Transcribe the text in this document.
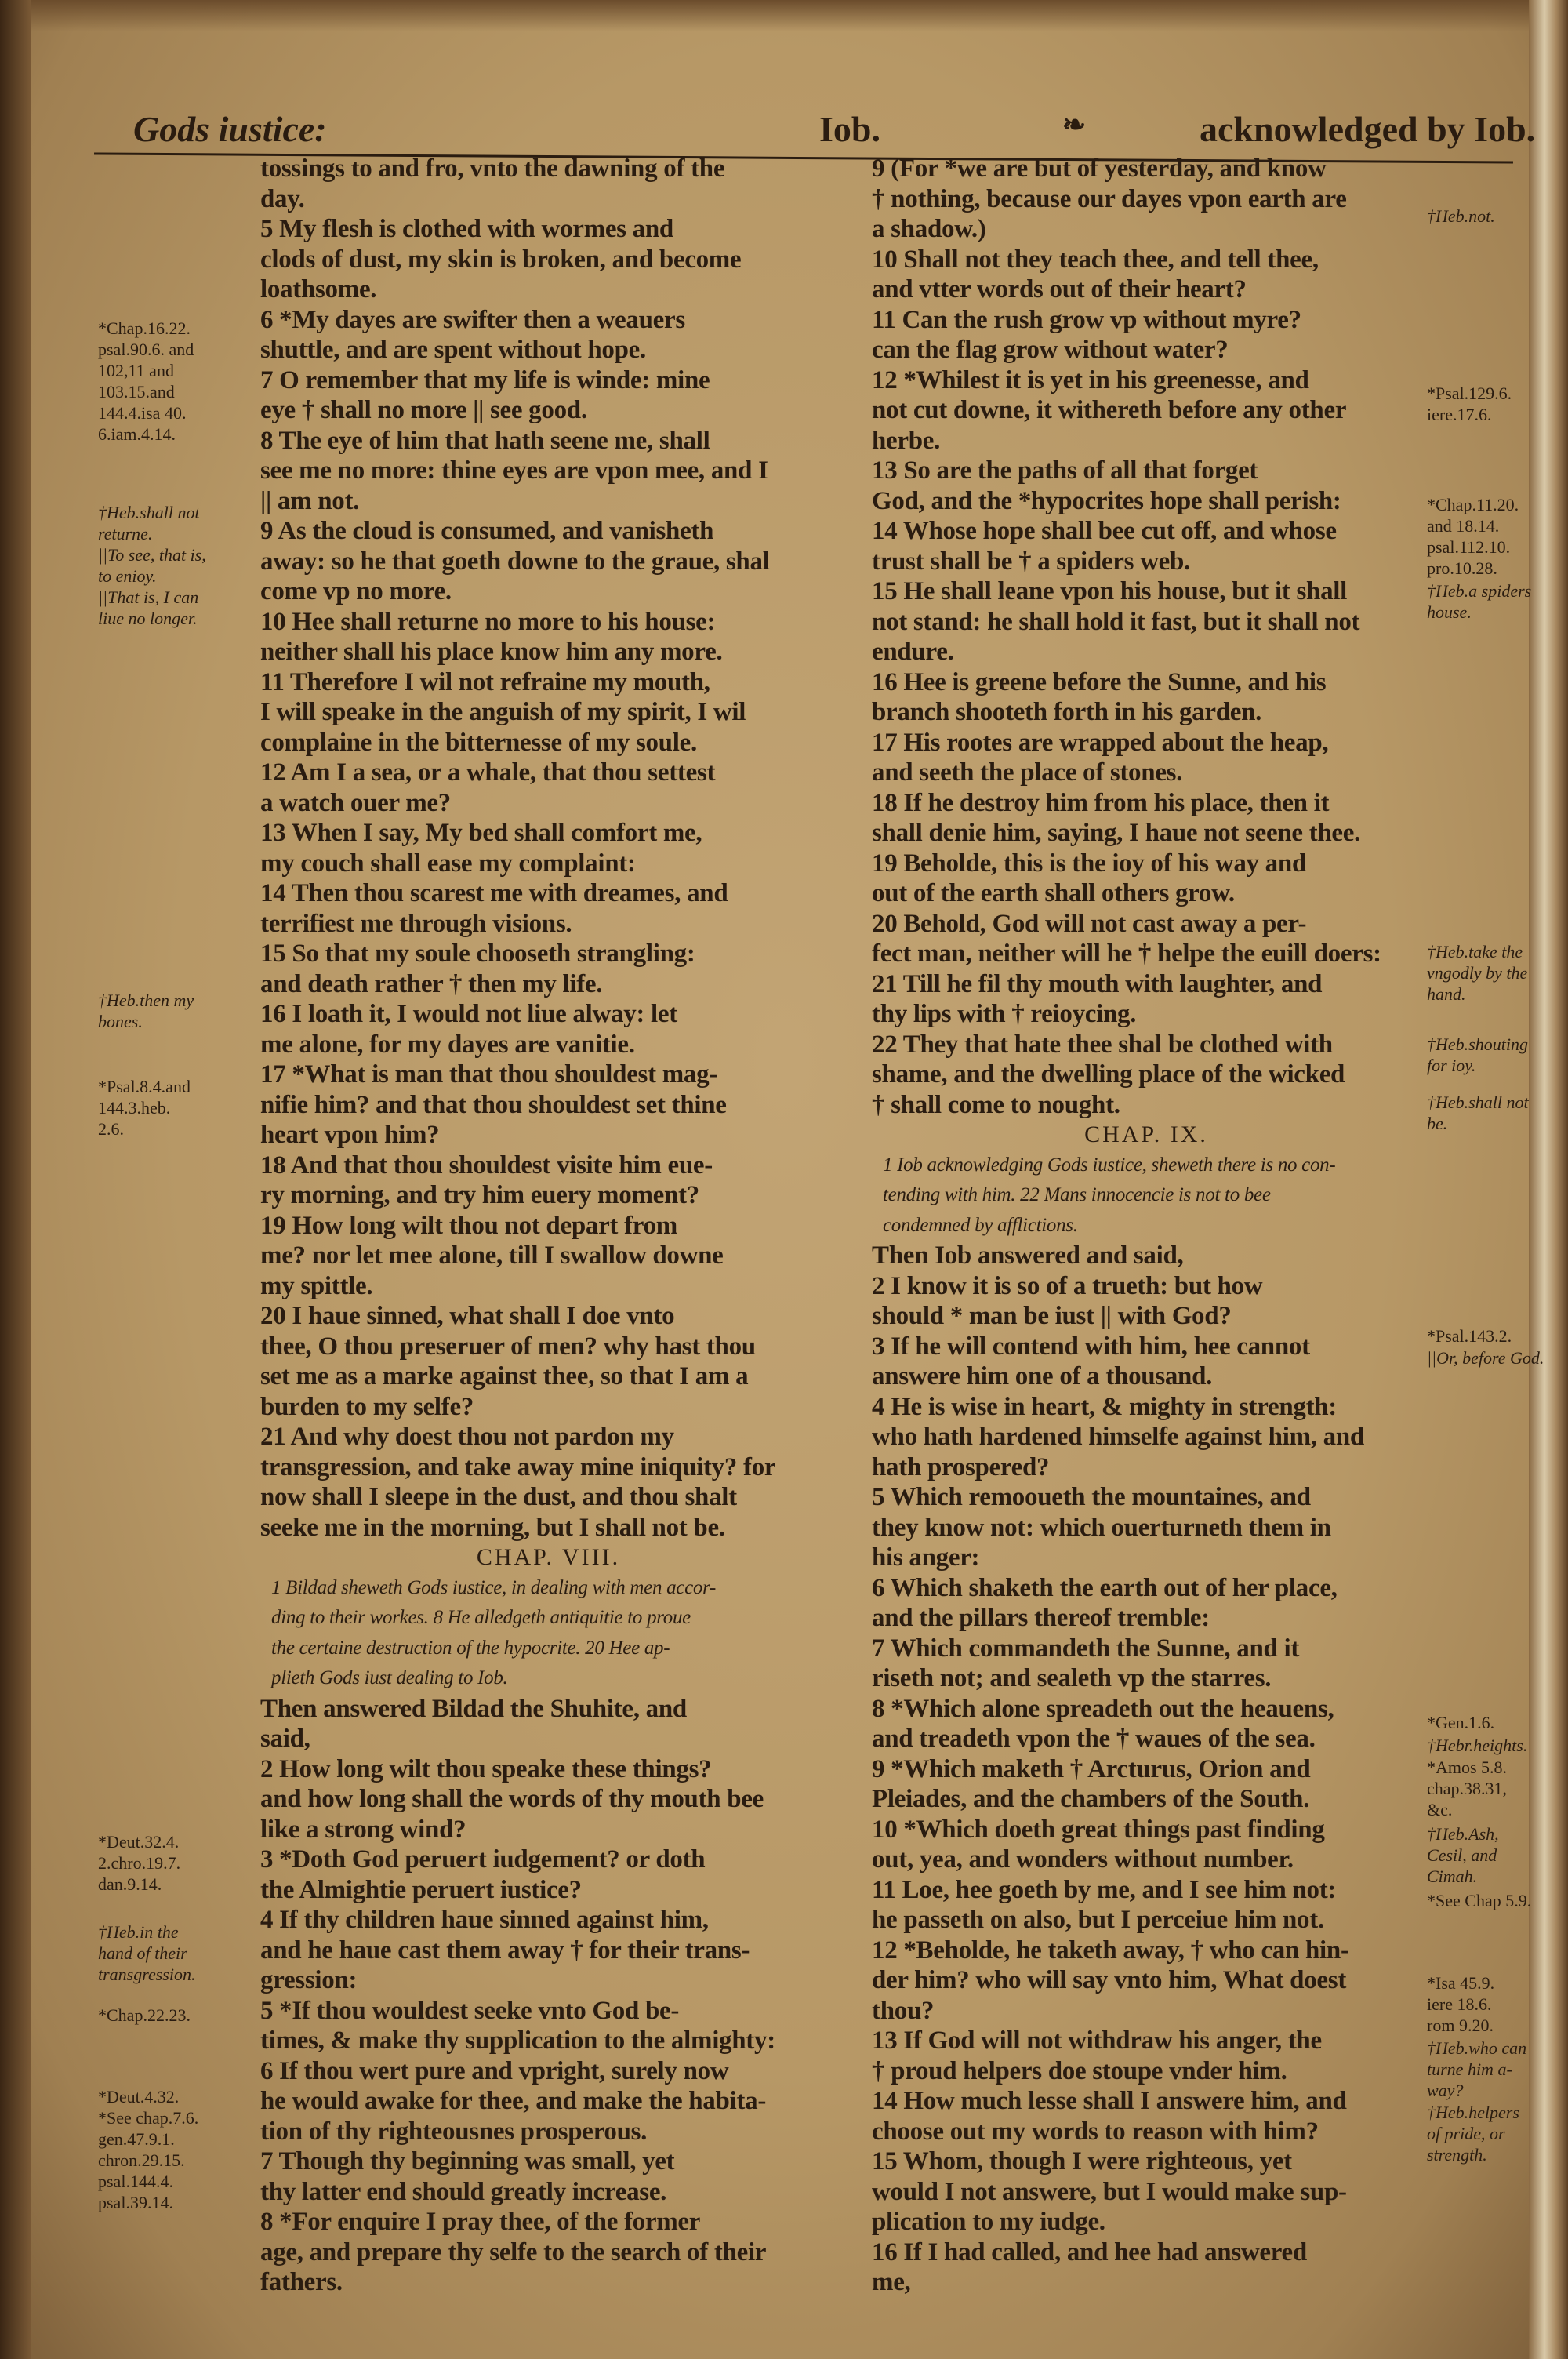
Gods iustice:	Iob.	❧	acknowledged by Iob.
tossings to and fro, vnto the dawning of the
day.
5 My flesh is clothed with wormes and
clods of dust, my skin is broken, and become
loathsome.
6 *My dayes are swifter then a weauers
shuttle, and are spent without hope.
7 O remember that my life is winde: mine
eye † shall no more || see good.
8 The eye of him that hath seene me, shall
see me no more: thine eyes are vpon mee, and I
|| am not.
9 As the cloud is consumed, and vanisheth
away: so he that goeth downe to the graue, shal
come vp no more.
10 Hee shall returne no more to his house:
neither shall his place know him any more.
11 Therefore I wil not refraine my mouth,
I will speake in the anguish of my spirit, I wil
complaine in the bitternesse of my soule.
12 Am I a sea, or a whale, that thou settest
a watch ouer me?
13 When I say, My bed shall comfort me,
my couch shall ease my complaint:
14 Then thou scarest me with dreames, and
terrifiest me through visions.
15 So that my soule chooseth strangling:
and death rather † then my life.
16 I loath it, I would not liue alway: let
me alone, for my dayes are vanitie.
17 *What is man that thou shouldest mag-
nifie him? and that thou shouldest set thine
heart vpon him?
18 And that thou shouldest visite him eue-
ry morning, and try him euery moment?
19 How long wilt thou not depart from
me? nor let mee alone, till I swallow downe
my spittle.
20 I haue sinned, what shall I doe vnto
thee, O thou preseruer of men? why hast thou
set me as a marke against thee, so that I am a
burden to my selfe?
21 And why doest thou not pardon my
transgression, and take away mine iniquity? for
now shall I sleepe in the dust, and thou shalt
seeke me in the morning, but I shall not be.
CHAP. VIII.
1 Bildad sheweth Gods iustice, in dealing with men accor-
ding to their workes. 8 He alledgeth antiquitie to proue
the certaine destruction of the hypocrite. 20 Hee ap-
plieth Gods iust dealing to Iob.
Then answered Bildad the Shuhite, and
said,
2 How long wilt thou speake these things?
and how long shall the words of thy mouth bee
like a strong wind?
3 *Doth God peruert iudgement? or doth
the Almightie peruert iustice?
4 If thy children haue sinned against him,
and he haue cast them away † for their trans-
gression:
5 *If thou wouldest seeke vnto God be-
times, & make thy supplication to the almighty:
6 If thou wert pure and vpright, surely now
he would awake for thee, and make the habita-
tion of thy righteousnes prosperous.
7 Though thy beginning was small, yet
thy latter end should greatly increase.
8 *For enquire I pray thee, of the former
age, and prepare thy selfe to the search of their
fathers.
9 (For *we are but of yesterday, and know
† nothing, because our dayes vpon earth are
a shadow.)
10 Shall not they teach thee, and tell thee,
and vtter words out of their heart?
11 Can the rush grow vp without myre?
can the flag grow without water?
12 *Whilest it is yet in his greenesse, and
not cut downe, it withereth before any other
herbe.
13 So are the paths of all that forget
God, and the *hypocrites hope shall perish:
14 Whose hope shall bee cut off, and whose
trust shall be † a spiders web.
15 He shall leane vpon his house, but it shall
not stand: he shall hold it fast, but it shall not
endure.
16 Hee is greene before the Sunne, and his
branch shooteth forth in his garden.
17 His rootes are wrapped about the heap,
and seeth the place of stones.
18 If he destroy him from his place, then it
shall denie him, saying, I haue not seene thee.
19 Beholde, this is the ioy of his way and
out of the earth shall others grow.
20 Behold, God will not cast away a per-
fect man, neither will he † helpe the euill doers:
21 Till he fil thy mouth with laughter, and
thy lips with † reioycing.
22 They that hate thee shal be clothed with
shame, and the dwelling place of the wicked
† shall come to nought.
CHAP. IX.
1 Iob acknowledging Gods iustice, sheweth there is no con-
tending with him. 22 Mans innocencie is not to bee
condemned by afflictions.
Then Iob answered and said,
2 I know it is so of a trueth: but how
should * man be iust || with God?
3 If he will contend with him, hee cannot
answere him one of a thousand.
4 He is wise in heart, & mighty in strength:
who hath hardened himselfe against him, and
hath prospered?
5 Which remooueth the mountaines, and
they know not: which ouerturneth them in
his anger:
6 Which shaketh the earth out of her place,
and the pillars thereof tremble:
7 Which commandeth the Sunne, and it
riseth not; and sealeth vp the starres.
8 *Which alone spreadeth out the heauens,
and treadeth vpon the † waues of the sea.
9 *Which maketh † Arcturus, Orion and
Pleiades, and the chambers of the South.
10 *Which doeth great things past finding
out, yea, and wonders without number.
11 Loe, hee goeth by me, and I see him not:
he passeth on also, but I perceiue him not.
12 *Beholde, he taketh away, † who can hin-
der him? who will say vnto him, What doest
thou?
13 If God will not withdraw his anger, the
† proud helpers doe stoupe vnder him.
14 How much lesse shall I answere him, and
choose out my words to reason with him?
15 Whom, though I were righteous, yet
would I not answere, but I would make sup-
plication to my iudge.
16 If I had called, and hee had answered
me,
*Chap.16.22.
psal.90.6. and
102,11 and
103.15.and
144.4.isa 40.
6.iam.4.14.
†Heb.shall not
returne.
||To see, that is,
to enioy.
||That is, I can
liue no longer.
†Heb.then my
bones.
*Psal.8.4.and
144.3.heb.
2.6.
*Deut.32.4.
2.chro.19.7.
dan.9.14.
†Heb.in the
hand of their
transgression.
*Chap.22.23.
*Deut.4.32.
*See chap.7.6.
gen.47.9.1.
chron.29.15.
psal.144.4.
psal.39.14.
†Heb.not.
*Psal.129.6.
iere.17.6.
*Chap.11.20.
and 18.14.
psal.112.10.
pro.10.28.
†Heb.a spiders
house.
†Heb.take the
vngodly by the
hand.
†Heb.shouting
for ioy.
†Heb.shall not
be.
*Psal.143.2.
||Or, before God.
*Gen.1.6.
†Hebr.heights.
*Amos 5.8.
chap.38.31,
&c.
†Heb.Ash,
Cesil, and
Cimah.
*See Chap 5.9.
*Isa 45.9.
iere 18.6.
rom 9.20.
†Heb.who can
turne him a-
way?
†Heb.helpers
of pride, or
strength.
